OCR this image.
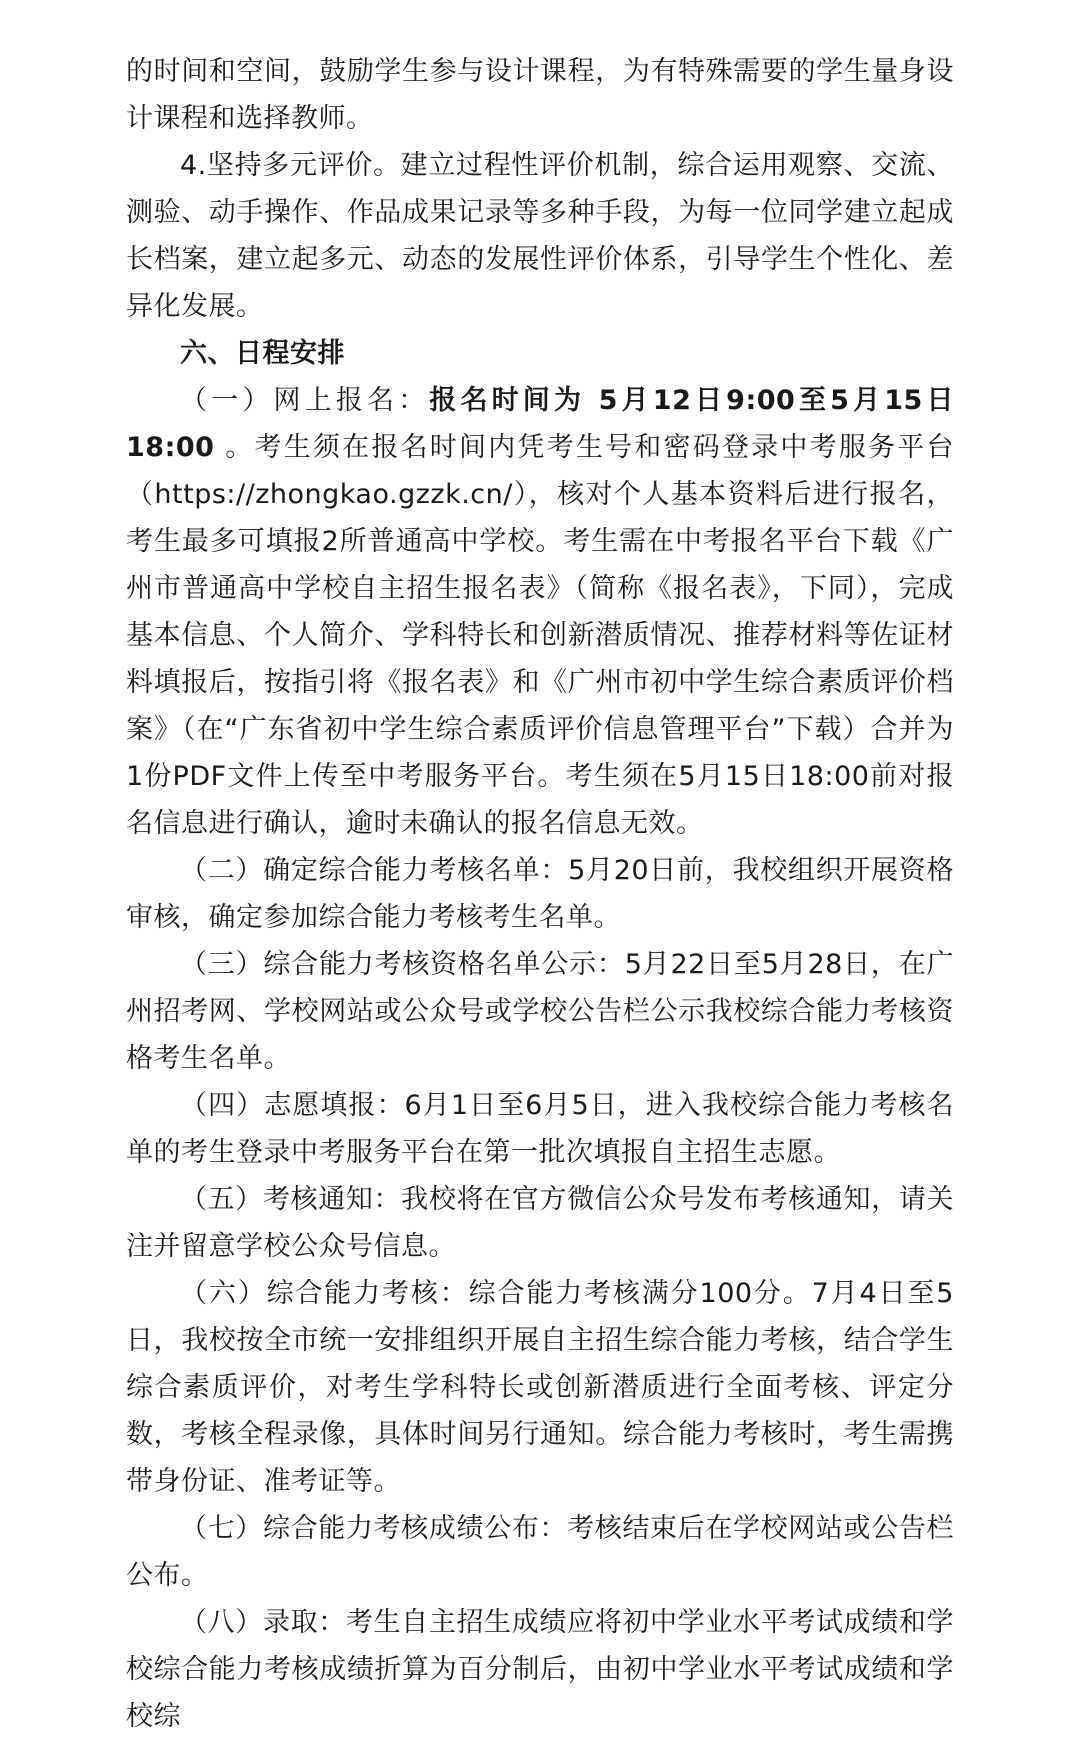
的时间和空间，鼓励学生参与设计课程，为有特殊需要的学生量身设计课程和选择教师。

4.坚持多元评价。建立过程性评价机制，综合运用观察、交流、测验、动手操作、作品成果记录等多种手段，为每一位同学建立起成长档案，建立起多元、动态的发展性评价体系，引导学生个性化、差异化发展。

六、日程安排

（一）网上报名：报名时间为 5月12日9:00至5月15日18:00 。考生须在报名时间内凭考生号和密码登录中考服务平台（https://zhongkao.gzzk.cn/），核对个人基本资料后进行报名，考生最多可填报2所普通高中学校。考生需在中考报名平台下载《广州市普通高中学校自主招生报名表》（简称《报名表》，下同），完成基本信息、个人简介、学科特长和创新潜质情况、推荐材料等佐证材料填报后，按指引将《报名表》和《广州市初中学生综合素质评价档案》（在“广东省初中学生综合素质评价信息管理平台”下载）合并为1份PDF文件上传至中考服务平台。考生须在5月15日18:00前对报名信息进行确认，逾时未确认的报名信息无效。

（二）确定综合能力考核名单：5月20日前，我校组织开展资格审核，确定参加综合能力考核考生名单。

（三）综合能力考核资格名单公示：5月22日至5月28日，在广州招考网、学校网站或公众号或学校公告栏公示我校综合能力考核资格考生名单。

（四）志愿填报：6月1日至6月5日，进入我校综合能力考核名单的考生登录中考服务平台在第一批次填报自主招生志愿。

（五）考核通知：我校将在官方微信公众号发布考核通知，请关注并留意学校公众号信息。

（六）综合能力考核：综合能力考核满分100分。7月4日至5日，我校按全市统一安排组织开展自主招生综合能力考核，结合学生综合素质评价，对考生学科特长或创新潜质进行全面考核、评定分数，考核全程录像，具体时间另行通知。综合能力考核时，考生需携带身份证、准考证等。

（七）综合能力考核成绩公布：考核结束后在学校网站或公告栏公布。

（八）录取：考生自主招生成绩应将初中学业水平考试成绩和学校综合能力考核成绩折算为百分制后，由初中学业水平考试成绩和学校综
